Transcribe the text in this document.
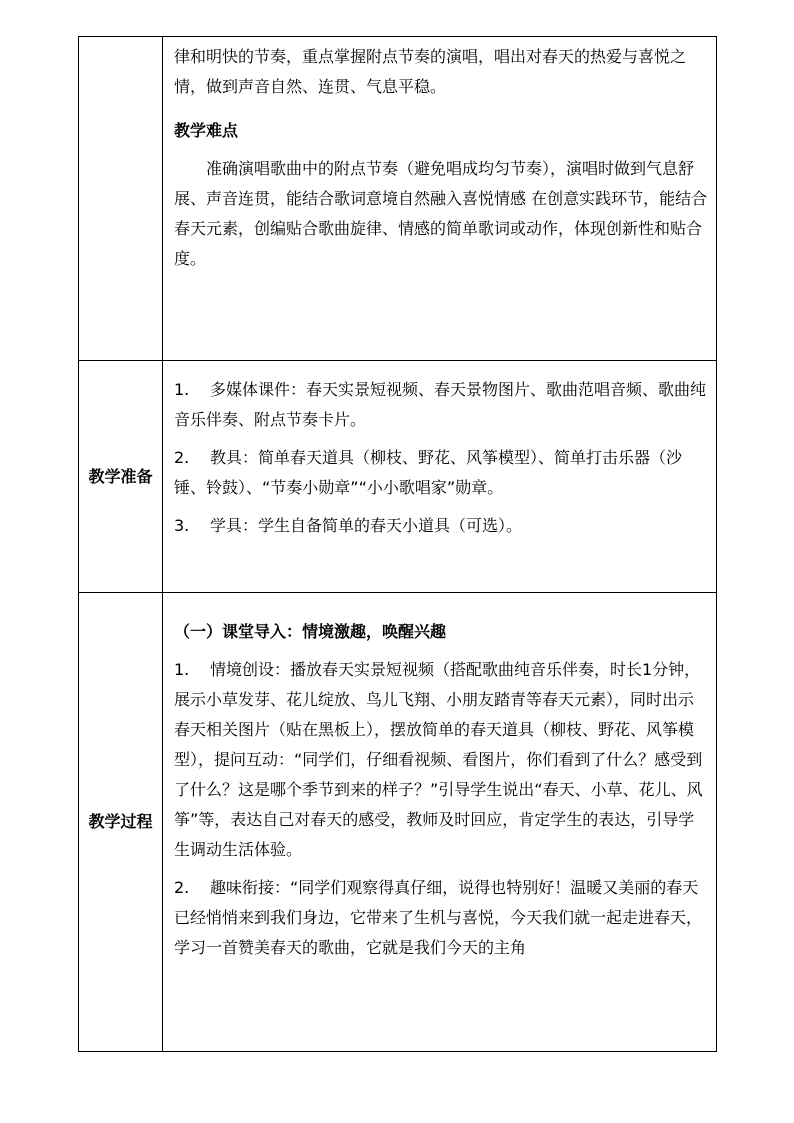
	律和明快的节奏，重点掌握附点节奏的演唱，唱出对春天的热爱与喜悦之情，做到声音自然、连贯、气息平稳。

教学难点

准确演唱歌曲中的附点节奏（避免唱成均匀节奏），演唱时做到气息舒展、声音连贯，能结合歌词意境自然融入喜悦情感 在创意实践环节，能结合春天元素，创编贴合歌曲旋律、情感的简单歌词或动作，体现创新性和贴合度。

教学准备	1. 多媒体课件：春天实景短视频、春天景物图片、歌曲范唱音频、歌曲纯音乐伴奏、附点节奏卡片。

2. 教具：简单春天道具（柳枝、野花、风筝模型）、简单打击乐器（沙锤、铃鼓）、“节奏小勋章”“小小歌唱家”勋章。

3. 学具：学生自备简单的春天小道具（可选）。

教学过程	（一）课堂导入：情境激趣，唤醒兴趣

1. 情境创设：播放春天实景短视频（搭配歌曲纯音乐伴奏，时长1分钟，展示小草发芽、花儿绽放、鸟儿飞翔、小朋友踏青等春天元素），同时出示春天相关图片（贴在黑板上），摆放简单的春天道具（柳枝、野花、风筝模型），提问互动：“同学们，仔细看视频、看图片，你们看到了什么？感受到了什么？这是哪个季节到来的样子？”引导学生说出“春天、小草、花儿、风筝”等，表达自己对春天的感受，教师及时回应，肯定学生的表达，引导学生调动生活体验。

2. 趣味衔接：“同学们观察得真仔细，说得也特别好！温暖又美丽的春天已经悄悄来到我们身边，它带来了生机与喜悦，今天我们就一起走进春天，学习一首赞美春天的歌曲，它就是我们今天的主角
